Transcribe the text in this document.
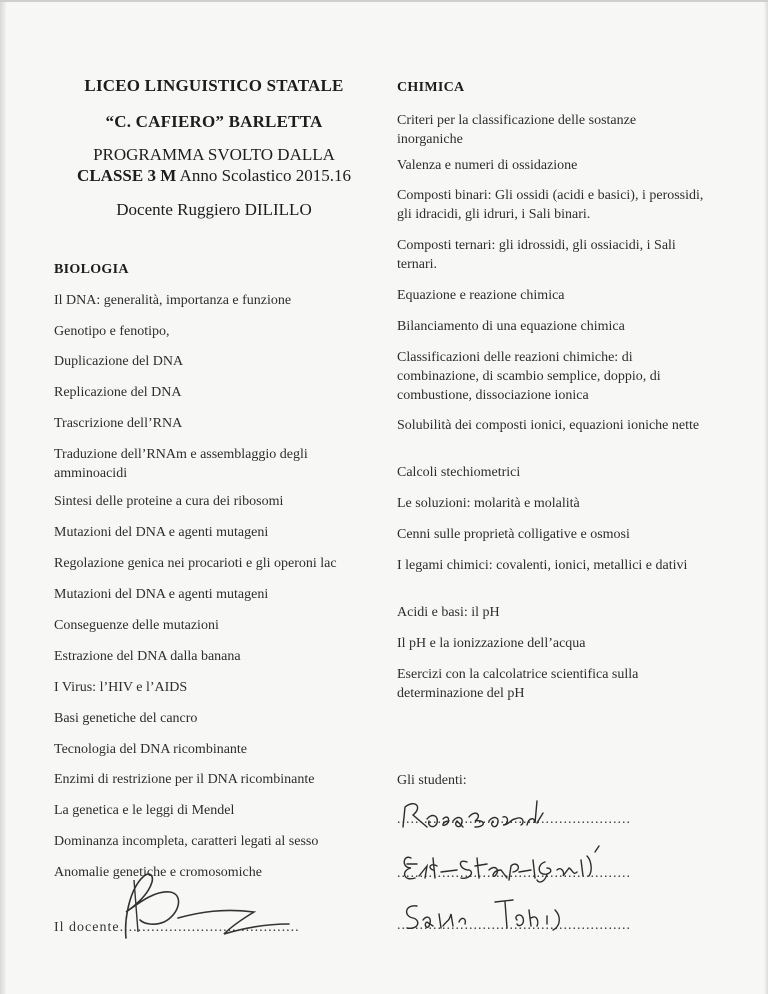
LICEO LINGUISTICO STATALE
“C. CAFIERO” BARLETTA
PROGRAMMA SVOLTO DALLA
CLASSE 3 M Anno Scolastico 2015.16
Docente Ruggiero DILILLO
BIOLOGIA
Il DNA: generalità, importanza e funzione
Genotipo e fenotipo,
Duplicazione del DNA
Replicazione del DNA
Trascrizione dell’RNA
Traduzione dell’RNAm e assemblaggio degli amminoacidi
Sintesi delle proteine a cura dei ribosomi
Mutazioni del DNA e agenti mutageni
Regolazione genica nei procarioti e gli operoni lac
Mutazioni del DNA e agenti mutageni
Conseguenze delle mutazioni
Estrazione del DNA dalla banana
I Virus: l’HIV e l’AIDS
Basi genetiche del cancro
Tecnologia del DNA ricombinante
Enzimi di restrizione per il DNA ricombinante
La genetica e le leggi di Mendel
Dominanza incompleta, caratteri legati al sesso
Anomalie genetiche e cromosomiche
Il docente........................................
CHIMICA
Criteri per la classificazione delle sostanze inorganiche
Valenza e numeri di ossidazione
Composti binari: Gli ossidi (acidi e basici), i perossidi, gli idracidi, gli idruri, i Sali binari.
Composti ternari: gli idrossidi, gli ossiacidi, i Sali ternari.
Equazione e reazione chimica
Bilanciamento di una equazione chimica
Classificazioni delle reazioni chimiche: di combinazione, di scambio semplice, doppio, di combustione, dissociazione ionica
Solubilità dei composti ionici, equazioni ioniche nette
Calcoli stechiometrici
Le soluzioni: molarità e molalità
Cenni sulle proprietà colligative e osmosi
I legami chimici: covalenti, ionici, metallici e dativi
Acidi e basi: il pH
Il pH e la ionizzazione dell’acqua
Esercizi con la calcolatrice scientifica sulla determinazione del pH
Gli studenti:
....................................................
....................................................
....................................................
